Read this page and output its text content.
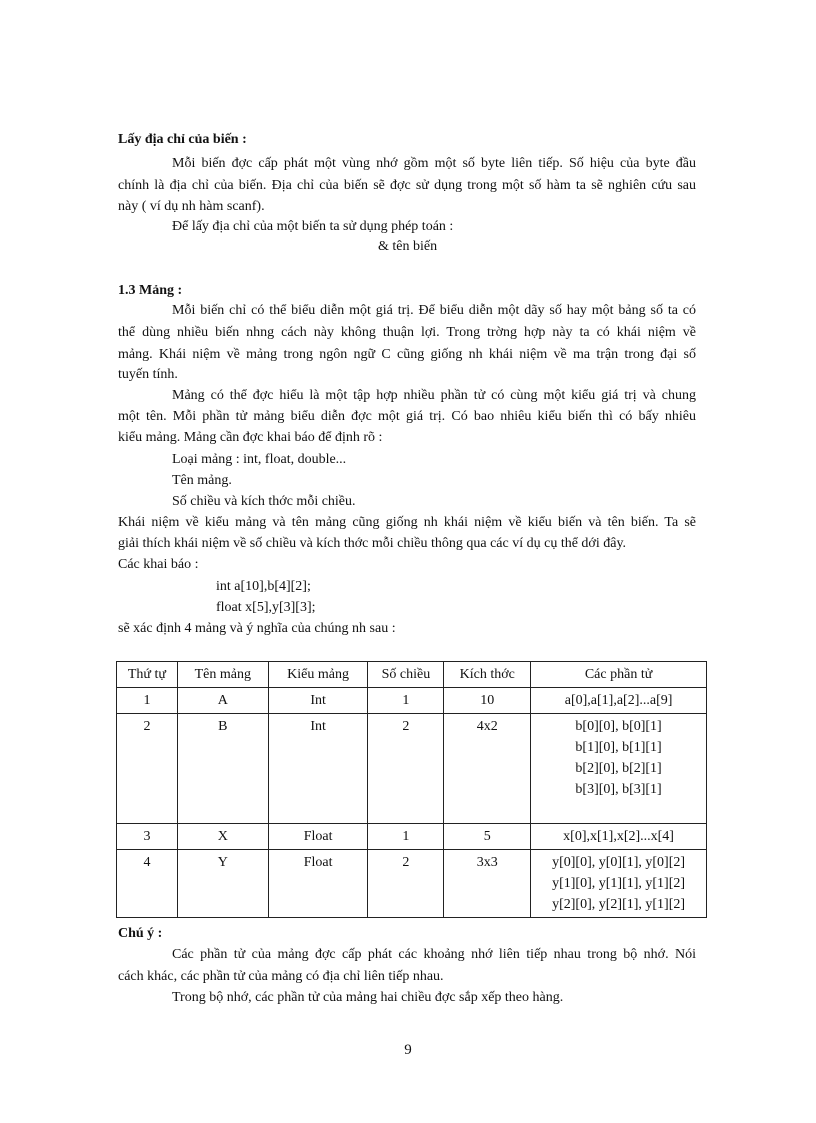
Lấy địa chỉ của biến :
Mỗi biến đợc cấp phát một vùng nhớ gồm một số byte liên tiếp. Số hiệu của byte đầu
chính là địa chỉ của biến. Địa chỉ của biến sẽ đợc sử dụng trong một số hàm ta sẽ nghiên cứu sau
này ( ví dụ nh hàm scanf).
Để lấy địa chỉ của một biến ta sử dụng phép toán :
& tên biến
1.3 Mảng :
Mỗi biến chỉ có thể biểu diễn một giá trị. Để biểu diễn một dãy số hay một bảng số ta có
thể dùng nhiều biến nhng cách này không thuận lợi. Trong trờng hợp này ta có khái niệm về
mảng. Khái niệm về mảng trong ngôn ngữ C cũng giống nh khái niệm về ma trận trong đại số
tuyến tính.
Mảng có thể đợc hiểu là một tập hợp nhiều phần tử có cùng một kiểu giá trị và chung
một tên. Mỗi phần tử mảng biểu diễn đợc một giá trị. Có bao nhiêu kiểu biến thì có bấy nhiêu
kiểu mảng. Mảng cần đợc khai báo để định rõ :
Loại mảng : int, float, double...
Tên mảng.
Số chiều và kích thớc mỗi chiều.
Khái niệm về kiểu mảng và tên mảng cũng giống nh khái niệm về kiểu biến và tên biến. Ta sẽ
giải thích khái niệm về số chiều và kích thớc mỗi chiều thông qua các ví dụ cụ thể dới đây.
Các khai báo :
int a[10],b[4][2];
float x[5],y[3][3];
sẽ xác định 4 mảng và ý nghĩa của chúng nh sau :
Thứ tự	Tên mảng	Kiểu mảng	Số chiều	Kích thớc	Các phần tử
1	A	Int	1	10	a[0],a[1],a[2]...a[9]

2	B	Int	2	4x2	b[0][0], b[0][1]
b[1][0], b[1][1]
b[2][0], b[2][1]
b[3][0], b[3][1]

3	X	Float	1	5	x[0],x[1],x[2]...x[4]

4	Y	Float	2	3x3	y[0][0], y[0][1], y[0][2]
y[1][0], y[1][1], y[1][2]
y[2][0], y[2][1], y[1][2]
Chú ý :
Các phần tử của mảng đợc cấp phát các khoảng nhớ liên tiếp nhau trong bộ nhớ. Nói
cách khác, các phần tử của mảng có địa chỉ liên tiếp nhau.
Trong bộ nhớ, các phần tử của mảng hai chiều đợc sắp xếp theo hàng.
9
